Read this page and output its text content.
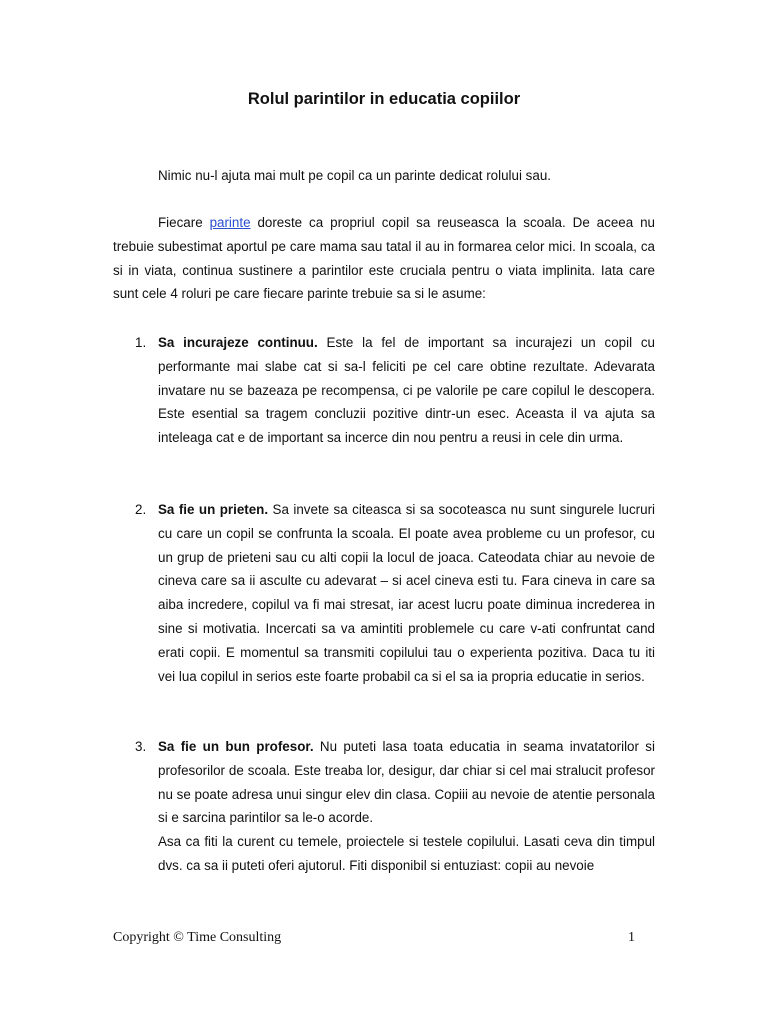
Rolul parintilor in educatia copiilor

Nimic nu-l ajuta mai mult pe copil ca un parinte dedicat rolului sau.

Fiecare parinte doreste ca propriul copil sa reuseasca la scoala. De aceea nu trebuie subestimat aportul pe care mama sau tatal il au in formarea celor mici. In scoala, ca si in viata, continua sustinere a parintilor este cruciala pentru o viata implinita. Iata care sunt cele 4 roluri pe care fiecare parinte trebuie sa si le asume:

1. Sa incurajeze continuu. Este la fel de important sa incurajezi un copil cu performante mai slabe cat si sa-l feliciti pe cel care obtine rezultate. Adevarata invatare nu se bazeaza pe recompensa, ci pe valorile pe care copilul le descopera. Este esential sa tragem concluzii pozitive dintr-un esec. Aceasta il va ajuta sa inteleaga cat e de important sa incerce din nou pentru a reusi in cele din urma.
2. Sa fie un prieten. Sa invete sa citeasca si sa socoteasca nu sunt singurele lucruri cu care un copil se confrunta la scoala. El poate avea probleme cu un profesor, cu un grup de prieteni sau cu alti copii la locul de joaca. Cateodata chiar au nevoie de cineva care sa ii asculte cu adevarat – si acel cineva esti tu. Fara cineva in care sa aiba incredere, copilul va fi mai stresat, iar acest lucru poate diminua increderea in sine si motivatia. Incercati sa va amintiti problemele cu care v-ati confruntat cand erati copii. E momentul sa transmiti copilului tau o experienta pozitiva. Daca tu iti vei lua copilul in serios este foarte probabil ca si el sa ia propria educatie in serios.
3. Sa fie un bun profesor. Nu puteti lasa toata educatia in seama invatatorilor si profesorilor de scoala. Este treaba lor, desigur, dar chiar si cel mai stralucit profesor nu se poate adresa unui singur elev din clasa. Copiii au nevoie de atentie personala si e sarcina parintilor sa le-o acorde.
Asa ca fiti la curent cu temele, proiectele si testele copilului. Lasati ceva din timpul dvs. ca sa ii puteti oferi ajutorul. Fiti disponibil si entuziast: copii au nevoie
Copyright © Time Consulting	1
